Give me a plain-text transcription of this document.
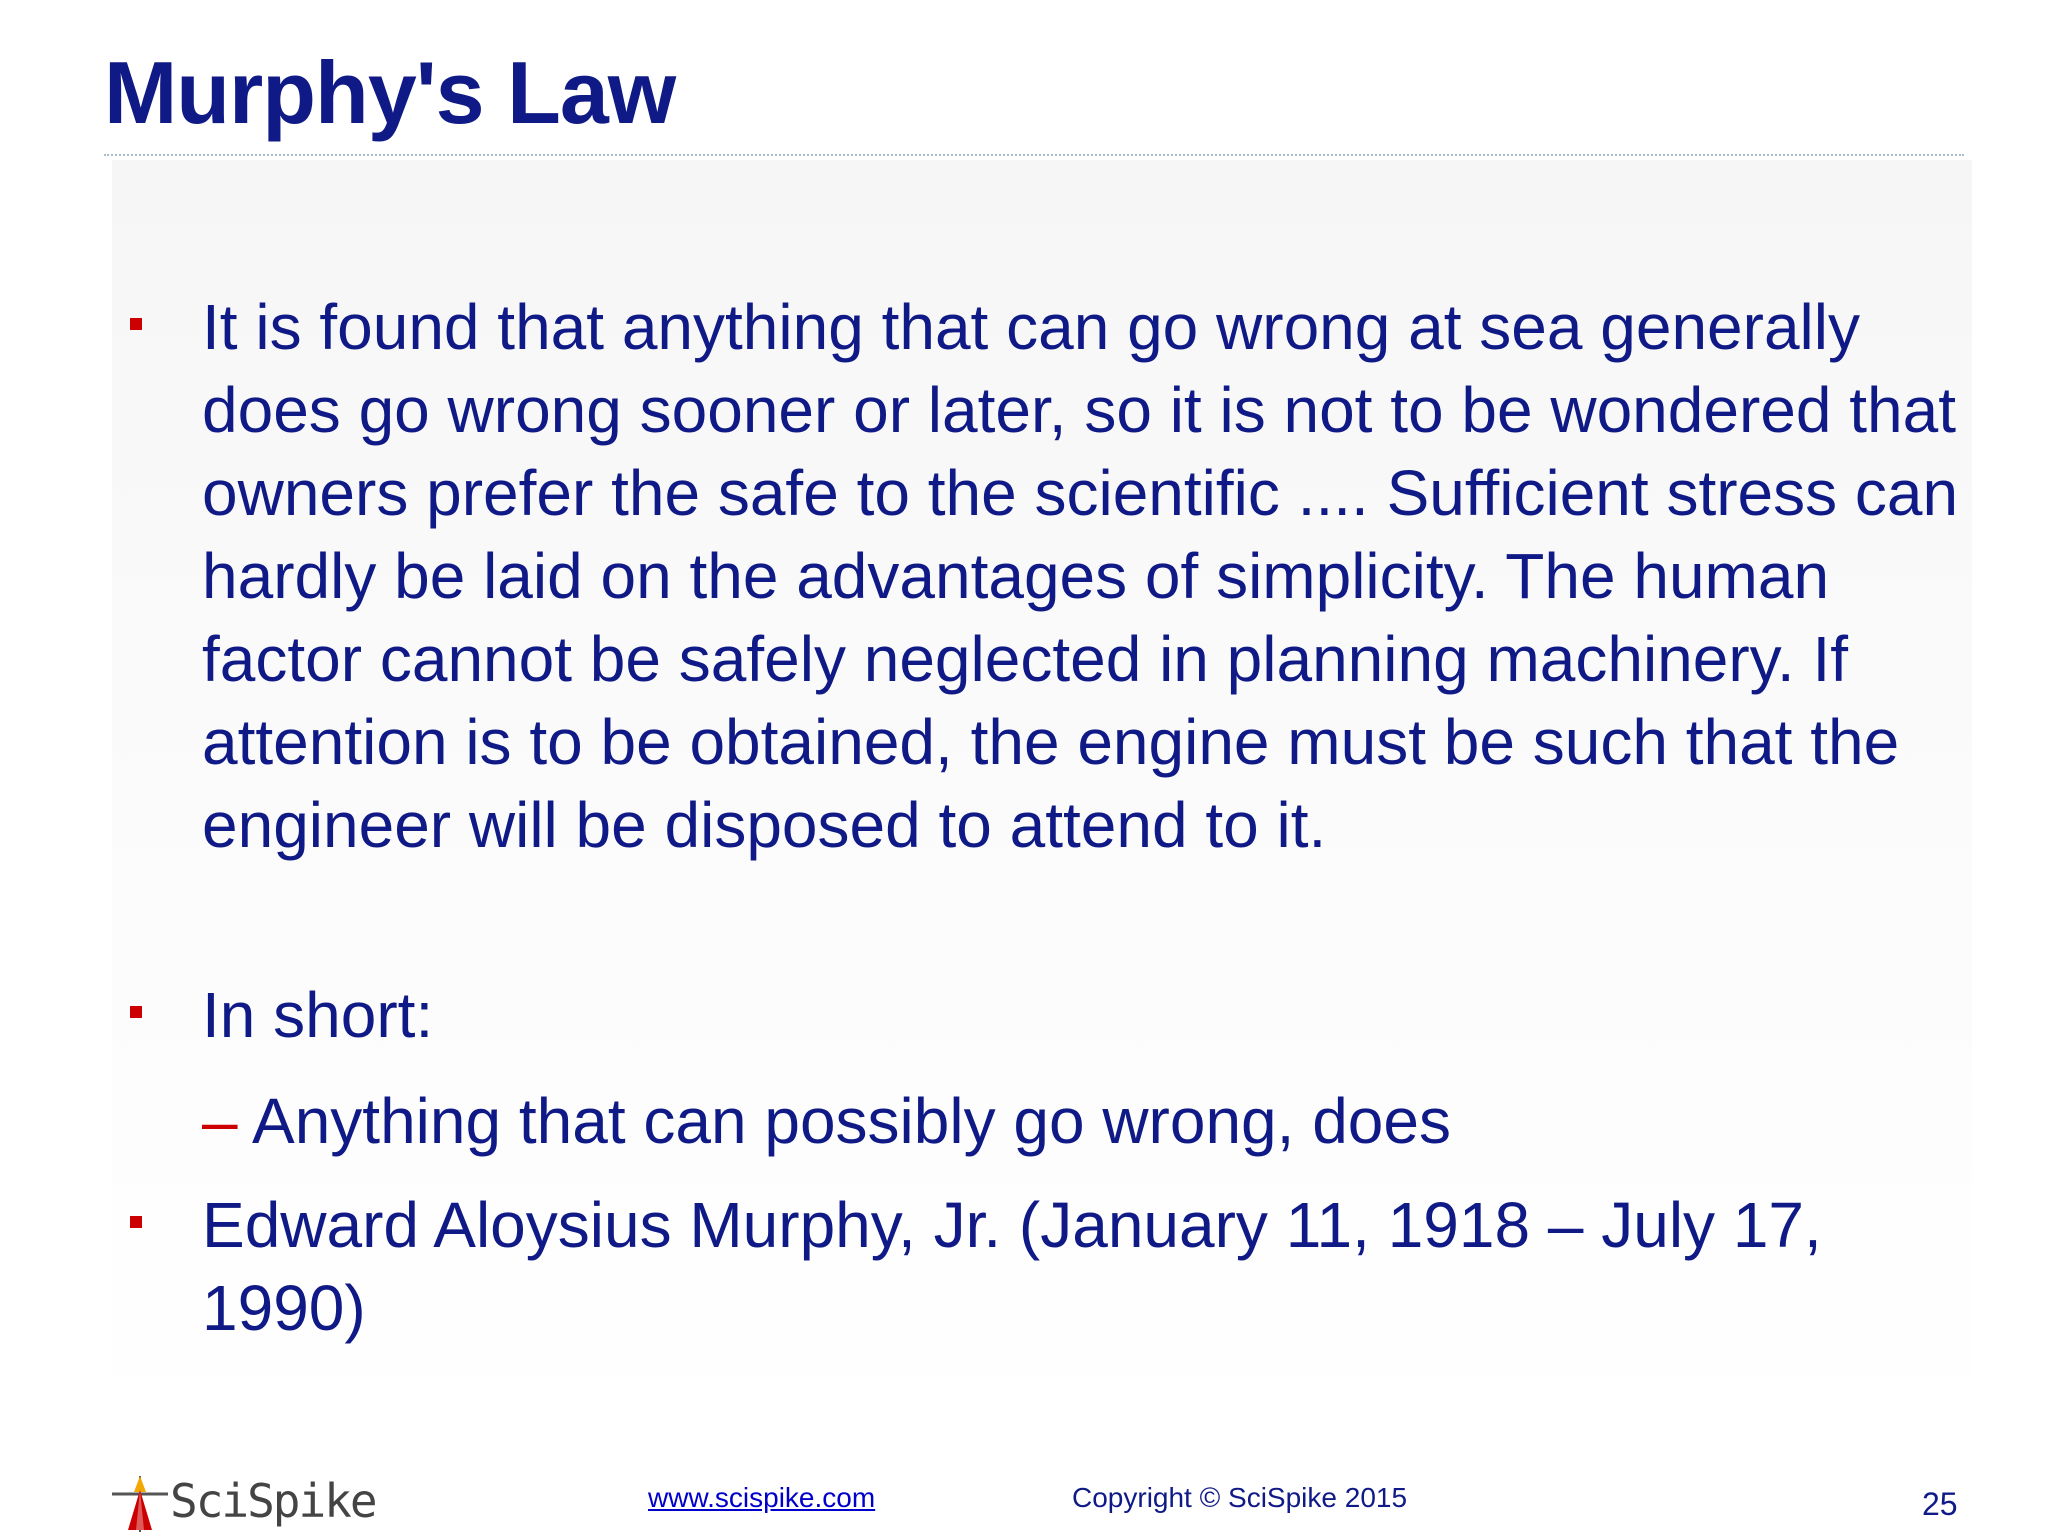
Murphy's Law
It is found that anything that can go wrong at sea generally does go wrong sooner or later, so it is not to be wondered that owners prefer the safe to the scientific .... Sufficient stress can hardly be laid on the advantages of simplicity. The human factor cannot be safely neglected in planning machinery. If attention is to be obtained, the engine must be such that the engineer will be disposed to attend to it.
In short:
– Anything that can possibly go wrong, does
Edward Aloysius Murphy, Jr. (January 11, 1918 – July 17, 1990)
SciSpike	www.scispike.com	Copyright © SciSpike 2015	25
